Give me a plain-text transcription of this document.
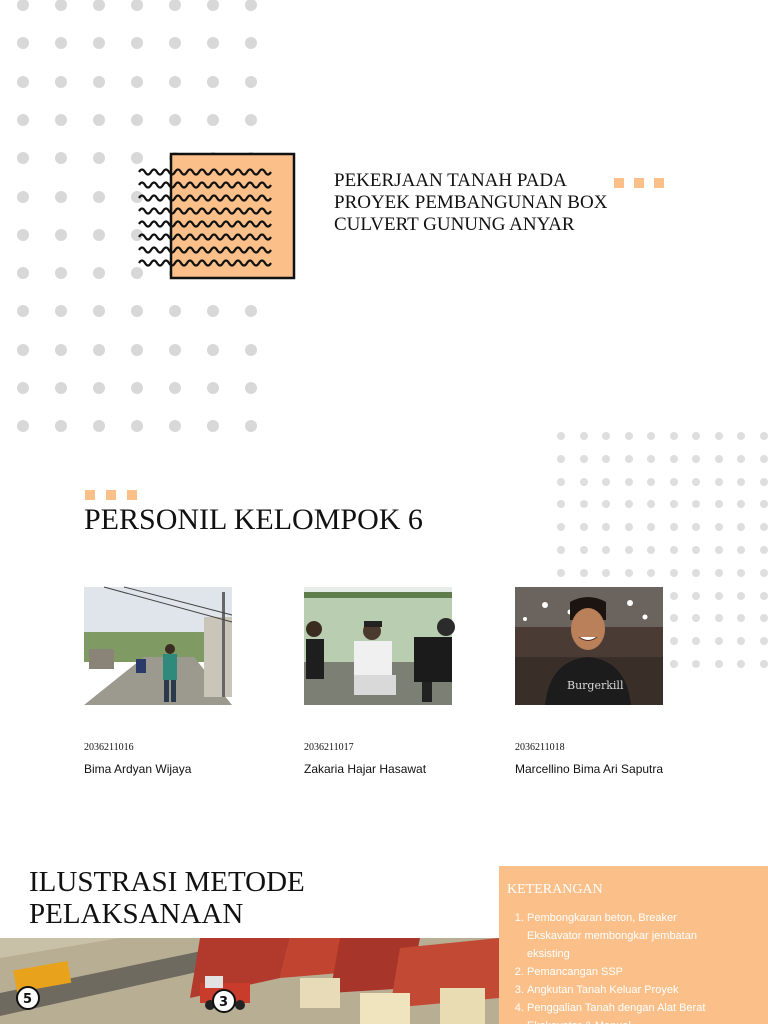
PEKERJAAN TANAH PADA
PROYEK PEMBANGUNAN BOX
CULVERT GUNUNG ANYAR
PERSONIL KELOMPOK 6
Burgerkill
2036211016
Bima Ardyan Wijaya
2036211017
Zakaria Hajar Hasawat
2036211018
Marcellino Bima Ari Saputra
ILUSTRASI METODE
PELAKSANAAN
KETERANGAN
1. Pembongkaran beton, Breaker Ekskavator membongkar jembatan eksisting
2. Pemancangan SSP
3. Angkutan Tanah Keluar Proyek
4. Penggalian Tanah dengan Alat Berat Ekskavator & Manual
5	3
